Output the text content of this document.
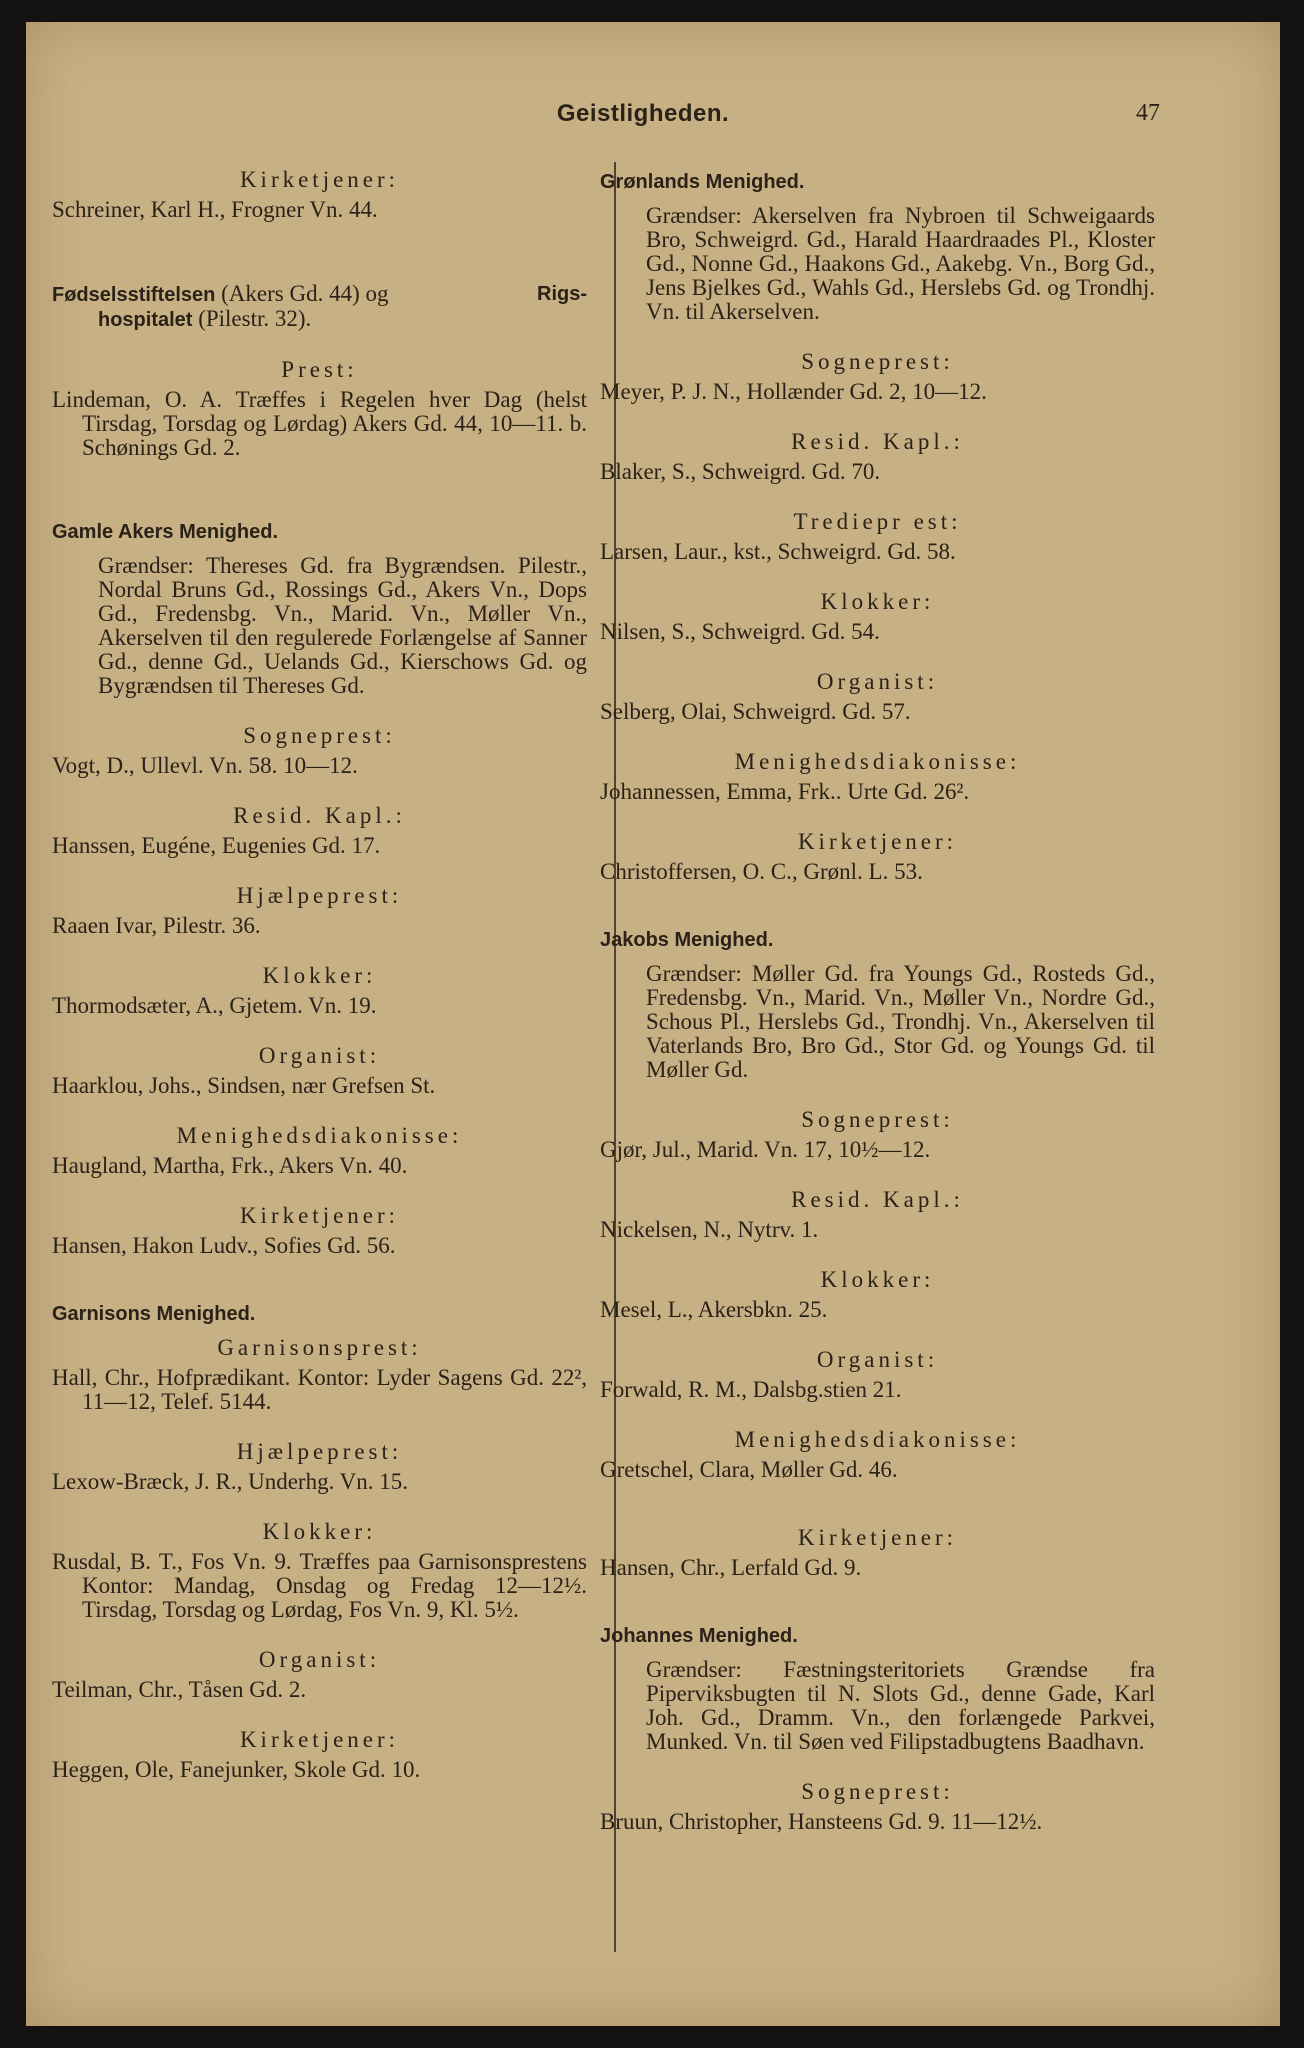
Geistligheden.	47
Kirketjener:
Schreiner, Karl H., Frogner Vn. 44.
Fødselsstiftelsen (Akers Gd. 44) og	Rigs-
hospitalet (Pilestr. 32).
Prest:
Lindeman, O. A. Træffes i Regelen hver Dag (helst Tirsdag, Torsdag og Lørdag) Akers Gd. 44, 10—11. b. Schønings Gd. 2.
Gamle Akers Menighed.
Grændser: Thereses Gd. fra Bygrændsen. Pilestr., Nordal Bruns Gd., Rossings Gd., Akers Vn., Dops Gd., Fredensbg. Vn., Marid. Vn., Møller Vn., Akerselven til den regulerede Forlængelse af Sanner Gd., denne Gd., Uelands Gd., Kierschows Gd. og Bygrændsen til Thereses Gd.
Sogneprest:
Vogt, D., Ullevl. Vn. 58. 10—12.
Resid. Kapl.:
Hanssen, Eugéne, Eugenies Gd. 17.
Hjælpeprest:
Raaen Ivar, Pilestr. 36.
Klokker:
Thormodsæter, A., Gjetem. Vn. 19.
Organist:
Haarklou, Johs., Sindsen, nær Grefsen St.
Menighedsdiakonisse:
Haugland, Martha, Frk., Akers Vn. 40.
Kirketjener:
Hansen, Hakon Ludv., Sofies Gd. 56.
Garnisons Menighed.
Garnisonsprest:
Hall, Chr., Hofprædikant. Kontor: Lyder Sagens Gd. 22², 11—12, Telef. 5144.
Hjælpeprest:
Lexow-Bræck, J. R., Underhg. Vn. 15.
Klokker:
Rusdal, B. T., Fos Vn. 9. Træffes paa Garnisonsprestens Kontor: Mandag, Onsdag og Fredag 12—12½. Tirsdag, Torsdag og Lørdag, Fos Vn. 9, Kl. 5½.
Organist:
Teilman, Chr., Tåsen Gd. 2.
Kirketjener:
Heggen, Ole, Fanejunker, Skole Gd. 10.
Grønlands Menighed.
Grændser: Akerselven fra Nybroen til Schweigaards Bro, Schweigrd. Gd., Harald Haardraades Pl., Kloster Gd., Nonne Gd., Haakons Gd., Aakebg. Vn., Borg Gd., Jens Bjelkes Gd., Wahls Gd., Herslebs Gd. og Trondhj. Vn. til Akerselven.
Sogneprest:
Meyer, P. J. N., Hollænder Gd. 2, 10—12.
Resid. Kapl.:
Blaker, S., Schweigrd. Gd. 70.
Trediepr est:
Larsen, Laur., kst., Schweigrd. Gd. 58.
Klokker:
Nilsen, S., Schweigrd. Gd. 54.
Organist:
Selberg, Olai, Schweigrd. Gd. 57.
Menighedsdiakonisse:
Johannessen, Emma, Frk.. Urte Gd. 26².
Kirketjener:
Christoffersen, O. C., Grønl. L. 53.
Jakobs Menighed.
Grændser: Møller Gd. fra Youngs Gd., Rosteds Gd., Fredensbg. Vn., Marid. Vn., Møller Vn., Nordre Gd., Schous Pl., Herslebs Gd., Trondhj. Vn., Akerselven til Vaterlands Bro, Bro Gd., Stor Gd. og Youngs Gd. til Møller Gd.
Sogneprest:
Gjør, Jul., Marid. Vn. 17, 10½—12.
Resid. Kapl.:
Nickelsen, N., Nytrv. 1.
Klokker:
Mesel, L., Akersbkn. 25.
Organist:
Forwald, R. M., Dalsbg.stien 21.
Menighedsdiakonisse:
Gretschel, Clara, Møller Gd. 46.
Kirketjener:
Hansen, Chr., Lerfald Gd. 9.
Johannes Menighed.
Grændser: Fæstningsteritoriets Grændse fra Piperviksbugten til N. Slots Gd., denne Gade, Karl Joh. Gd., Dramm. Vn., den forlængede Parkvei, Munked. Vn. til Søen ved Filipstadbugtens Baadhavn.
Sogneprest:
Bruun, Christopher, Hansteens Gd. 9. 11—12½.
